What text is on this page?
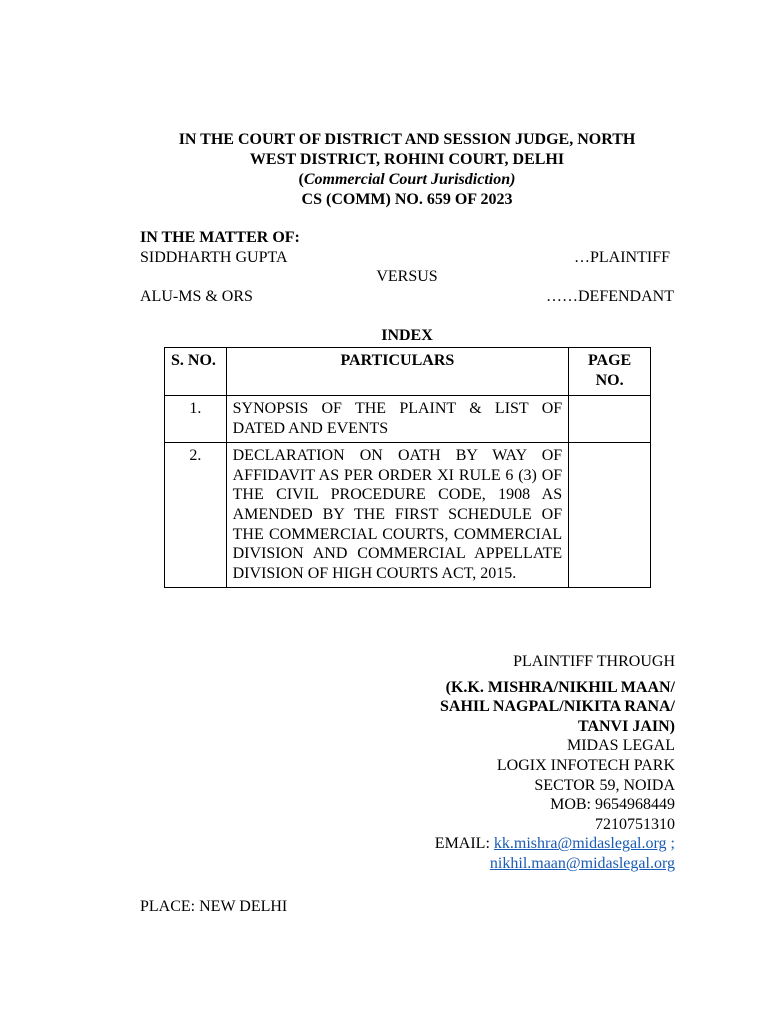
IN THE COURT OF DISTRICT AND SESSION JUDGE, NORTH
WEST DISTRICT, ROHINI COURT, DELHI
(Commercial Court Jurisdiction)
CS (COMM) NO. 659 OF 2023
IN THE MATTER OF:
SIDDHARTH GUPTA	…PLAINTIFF
VERSUS
ALU-MS & ORS	……DEFENDANT
INDEX
S. NO.	PARTICULARS	PAGE NO.
1.	SYNOPSIS OF THE PLAINT & LIST OF DATED AND EVENTS	
2.	DECLARATION ON OATH BY WAY OF AFFIDAVIT AS PER ORDER XI RULE 6 (3) OF THE CIVIL PROCEDURE CODE, 1908 AS AMENDED BY THE FIRST SCHEDULE OF THE COMMERCIAL COURTS, COMMERCIAL DIVISION AND COMMERCIAL APPELLATE DIVISION OF HIGH COURTS ACT, 2015.	
PLAINTIFF THROUGH
(K.K. MISHRA/NIKHIL MAAN/
SAHIL NAGPAL/NIKITA RANA/
TANVI JAIN)
MIDAS LEGAL
LOGIX INFOTECH PARK
SECTOR 59, NOIDA
MOB: 9654968449
7210751310
EMAIL: kk.mishra@midaslegal.org ;
nikhil.maan@midaslegal.org
PLACE: NEW DELHI
